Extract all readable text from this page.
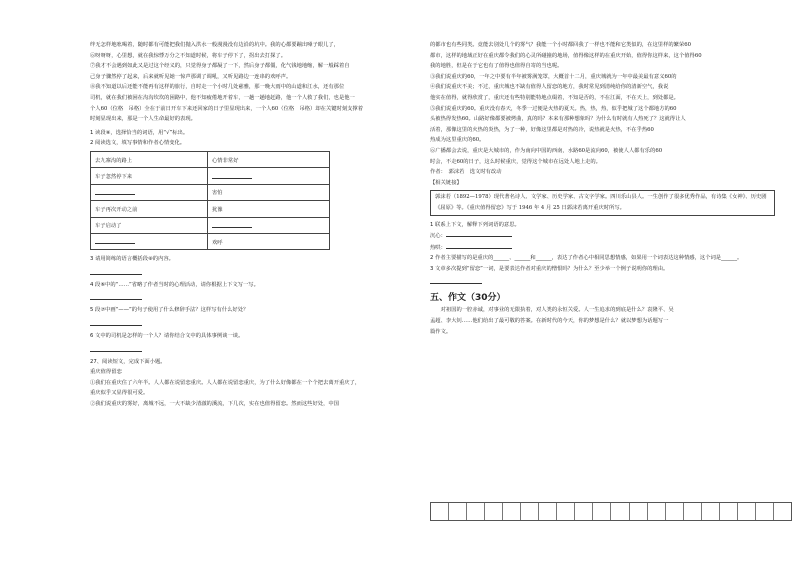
绊无怎样地吆喝着，随时都有可能把我们抛入洪水一般漫漫没有边沿的坑中。我的心都要蹦出嗓子眼儿了，

⑥呀呀呀，心里想，就在我惊悸万分之不知道时候，将车子停下了，拐出去打探了。

⑦我才不会遇到如此又是过这个经义的，只觉得身子都凝了一下，然后身子都僵，化气钱地地缩，解一般踩着自

己身子骤然停了起来，后来就听见她一惊声那调了调吼，又听见路边一连串的欢呼声。

⑧我不知道以后还能不能再有这样的旅行，自时走一个小时几处慈雅，那一晚大雨中的山道和江水，还有那位

司机，就在我们被困在沟沟坎坎的困路中，他不知疲倦地开着车，一趟一趟地赶路，他一个人救了我们，也是他一

个人60（位格　吊格）全在于前日开车下来还回家的日子里显现出来，一个人60（位格　吊格）却在关键时刻支撑着

时刻显现出来，那是一个人生命最好的表现。

1 读段⑧，选择恰当的词语，用“√”标出。

2 阅读选文，填写事情和作者心情变化。

去九寨沟的路上	心情非常好
车子忽然停下来	
	害怕
车子再次开动之前	犹豫
车子启动了	
	欢呼

3 请用简练的语言概括段⑧的内容。

4 段⑥中的“……”省略了作者当时的心理活动，请你根据上下文写一写。

5 段⑦中画“——”的句子使用了什么修辞手法？这样写有什么好处？

6 文中的司机是怎样的一个人？请你结合文中的具体事例谈一谈。

27、阅读短文，完成下面小题。

重庆值得留恋

①我们在重庆住了六年半。人人都在说留恋重庆。人人都在说留恋重庆，为了什么好像都在一个个把去离开重庆了，

重庆似乎又显得很可爱。

②我们说重庆的雾好，离城不远，一大不缺少清澈的溪流，下几次，实在也值得留恋。然而这些好处，中国

的都市也有些同类。竟能去别处几个的雾气？我能一个小时都回我了一样也不能和它类似的，在这里样的繁荣60

都市，这样的地域正好在重庆都令我们的心灵所碰撞的地场，值得像这样的在重庆开始，值得你这样来，这个值得60

我的地胜，但是在于它也有了值得也值得自寄的当也呢。

③我们说重庆的60，一年之中要有半年被雾满笼罩，大概首十二月，重庆城就为一年中最美最有意义60的

④我们说重庆不美；不过，重庆城也不缺有值得人留恋的地方，我时常见到清纯给你的清新空气，我说

他实在值得，就得欣赏了，重庆还有些特别能特地点缀着，不知是否的，不在江面，不在天上，到处都是。

⑤我们说重庆的60。重庆没有春天，冬季一过便是火热的夏天。热，热，热，似乎把城了这个都地方的60

头被热得发热60。山路好像都要被烤曲，真的吗？本来有那种想象吗？为什么有时就有人热死了？这就得让人

活着，那像这里的火热的炎热，为了一种，好像这里都是对热的冷，说热就是火热，不在乎热60

热成为这里重庆的60。

⑥广播都会去说，重庆是大城市的，作为南向中国的西南，水路60是流向60，被使人人都有乐的60

时会，不走60的日子，这么时候重庆，觉得这个城市在远处人地上走的。

作者：　郭沫若　选文时有改动

【相关链接】

郭沫若（1892—1978）现代著名诗人、文学家、历史学家、古文字学家。四川乐山县人。一生创作了很多优秀作品，有诗集《女神》、历史剧《屈原》等。《重庆值得留恋》写于 1946 年 4 月 25 日郭沫若离开重庆时所写。

1 联系上下文，解释下列词语的意思。

沉心：

热哄：

2 作者主要描写的是重庆的______、______和______，表达了作者心中相同思想情感，如果用一个词表达这种情感，这个词是______。

3 文章多次提到“留恋”一词，是要表达作者对重庆的憎恨吗？为什么？至少举一个例子说明你的理由。

五、作文（30分）

　　对祖国的一腔赤诚，对事业的无限执着，对人类的永恒关爱。人一生追求的到底是什么？袁隆平、吴

孟超、李大钊……他们给出了最可敬的答案。在新时代的今天，你的梦想是什么？就以梦想为话题写一

篇作文。
